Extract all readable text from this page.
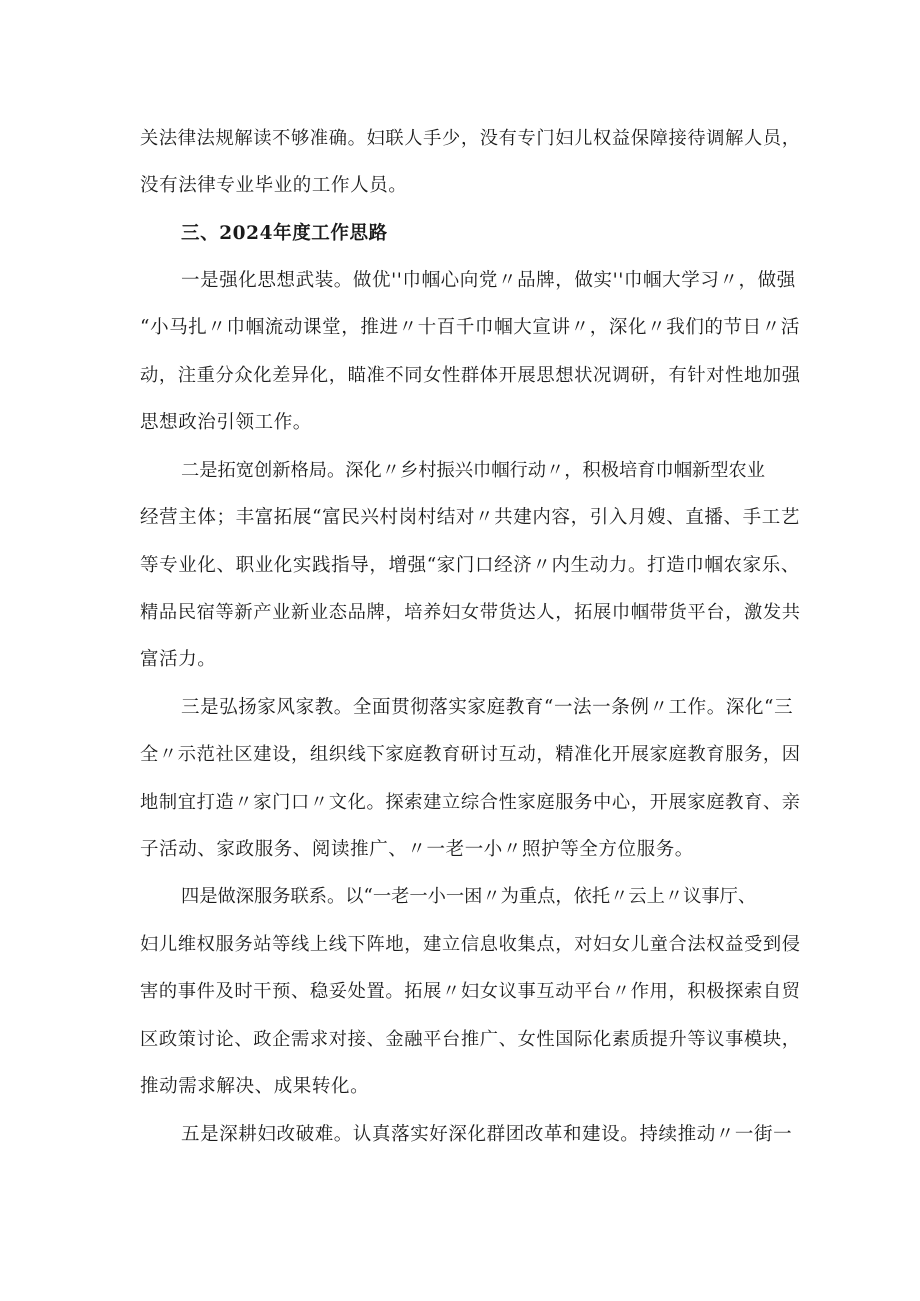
关法律法规解读不够准确。妇联人手少，没有专门妇儿权益保障接待调解人员，
没有法律专业毕业的工作人员。
三、2024年度工作思路
一是强化思想武装。做优''巾帼心向党〃品牌，做实''巾帼大学习〃，做强
“小马扎〃巾帼流动课堂，推进〃十百千巾帼大宣讲〃，深化〃我们的节日〃活
动，注重分众化差异化，瞄准不同女性群体开展思想状况调研，有针对性地加强
思想政治引领工作。
二是拓宽创新格局。深化〃乡村振兴巾帼行动〃，积极培育巾帼新型农业
经营主体；丰富拓展“富民兴村岗村结对〃共建内容，引入月嫂、直播、手工艺
等专业化、职业化实践指导，增强“家门口经济〃内生动力。打造巾帼农家乐、
精品民宿等新产业新业态品牌，培养妇女带货达人，拓展巾帼带货平台，激发共
富活力。
三是弘扬家风家教。全面贯彻落实家庭教育“一法一条例〃工作。深化“三
全〃示范社区建设，组织线下家庭教育研讨互动，精准化开展家庭教育服务，因
地制宜打造〃家门口〃文化。探索建立综合性家庭服务中心，开展家庭教育、亲
子活动、家政服务、阅读推广、〃一老一小〃照护等全方位服务。
四是做深服务联系。以“一老一小一困〃为重点，依托〃云上〃议事厅、
妇儿维权服务站等线上线下阵地，建立信息收集点，对妇女儿童合法权益受到侵
害的事件及时干预、稳妥处置。拓展〃妇女议事互动平台〃作用，积极探索自贸
区政策讨论、政企需求对接、金融平台推广、女性国际化素质提升等议事模块，
推动需求解决、成果转化。
五是深耕妇改破难。认真落实好深化群团改革和建设。持续推动〃一街一
